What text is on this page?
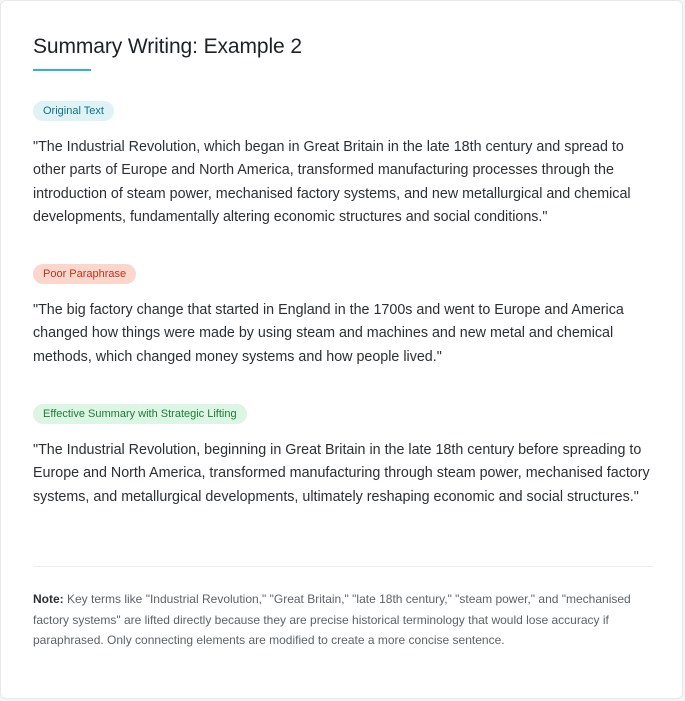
Summary Writing: Example 2
Original Text

"The Industrial Revolution, which began in Great Britain in the late 18th century and spread to other parts of Europe and North America, transformed manufacturing processes through the introduction of steam power, mechanised factory systems, and new metallurgical and chemical developments, fundamentally altering economic structures and social conditions."

Poor Paraphrase

"The big factory change that started in England in the 1700s and went to Europe and America changed how things were made by using steam and machines and new metal and chemical methods, which changed money systems and how people lived."

Effective Summary with Strategic Lifting

"The Industrial Revolution, beginning in Great Britain in the late 18th century before spreading to Europe and North America, transformed manufacturing through steam power, mechanised factory systems, and metallurgical developments, ultimately reshaping economic and social structures."

Note: Key terms like "Industrial Revolution," "Great Britain," "late 18th century," "steam power," and "mechanised factory systems" are lifted directly because they are precise historical terminology that would lose accuracy if paraphrased. Only connecting elements are modified to create a more concise sentence.
